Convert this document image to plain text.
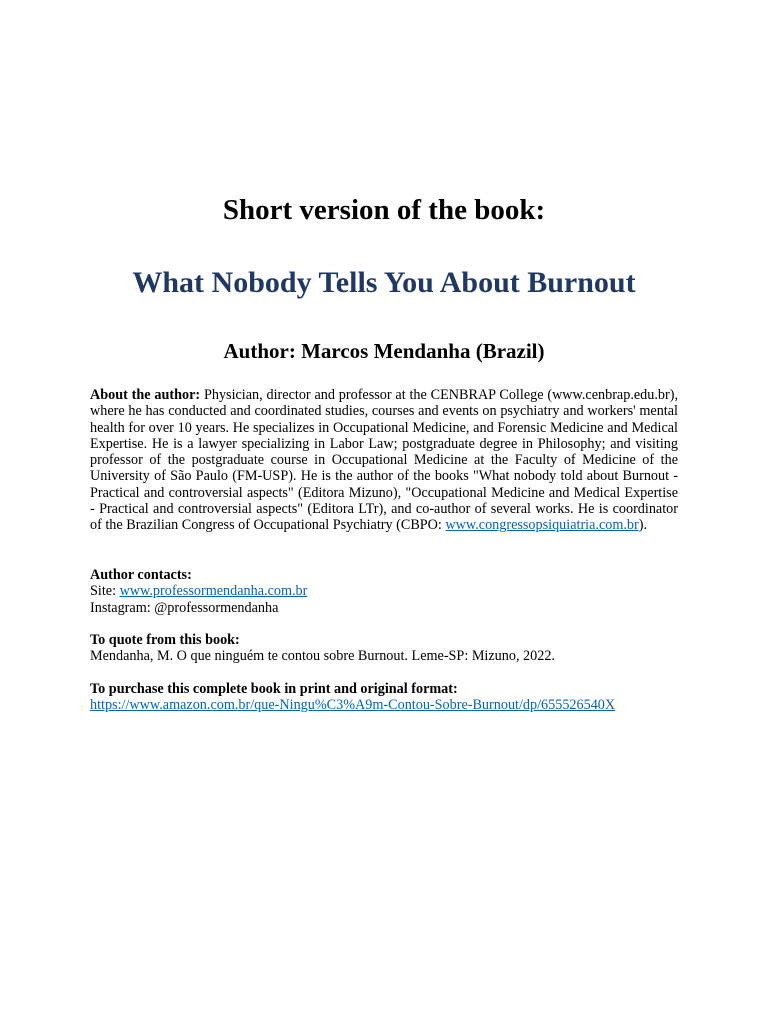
Short version of the book:
What Nobody Tells You About Burnout
Author: Marcos Mendanha (Brazil)
About the author: Physician, director and professor at the CENBRAP College (www.cenbrap.edu.br), where he has conducted and coordinated studies, courses and events on psychiatry and workers' mental health for over 10 years. He specializes in Occupational Medicine, and Forensic Medicine and Medical Expertise. He is a lawyer specializing in Labor Law; postgraduate degree in Philosophy; and visiting professor of the postgraduate course in Occupational Medicine at the Faculty of Medicine of the University of São Paulo (FM-USP). He is the author of the books "What nobody told about Burnout - Practical and controversial aspects" (Editora Mizuno), "Occupational Medicine and Medical Expertise - Practical and controversial aspects" (Editora LTr), and co-author of several works. He is coordinator of the Brazilian Congress of Occupational Psychiatry (CBPO: www.congressopsiquiatria.com.br).

Author contacts:

Site: www.professormendanha.com.br

Instagram: @professormendanha

To quote from this book:

Mendanha, M. O que ninguém te contou sobre Burnout. Leme-SP: Mizuno, 2022.

To purchase this complete book in print and original format:

https://www.amazon.com.br/que-Ningu%C3%A9m-Contou-Sobre-Burnout/dp/655526540X
